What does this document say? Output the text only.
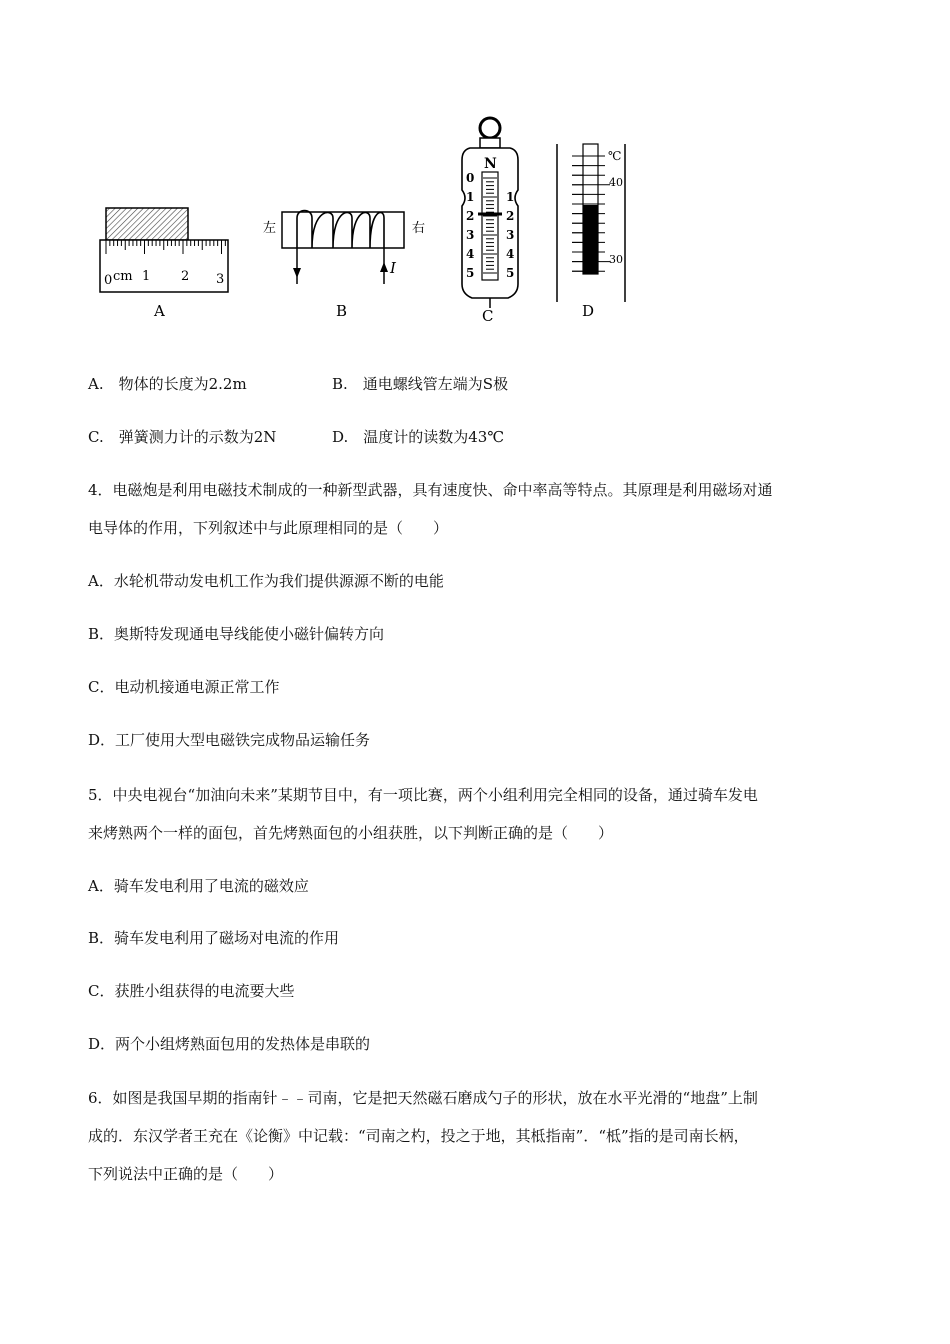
0 cm 1 2 3
A
左	右
I
B
N
0
1
2
3
4
5
1
2
3
4
5
C
℃
40
30
D
A.　物体的长度为2.2m	B.　通电螺线管左端为S极
C.　弹簧测力计的示数为2N	D.　温度计的读数为43℃
4．电磁炮是利用电磁技术制成的一种新型武器，具有速度快、命中率高等特点。其原理是利用磁场对通
电导体的作用，下列叙述中与此原理相同的是（　　）
A．水轮机带动发电机工作为我们提供源源不断的电能
B．奥斯特发现通电导线能使小磁针偏转方向
C．电动机接通电源正常工作
D．工厂使用大型电磁铁完成物品运输任务
5．中央电视台“加油向未来”某期节目中，有一项比赛，两个小组利用完全相同的设备，通过骑车发电
来烤熟两个一样的面包，首先烤熟面包的小组获胜，以下判断正确的是（　　）
A．骑车发电利用了电流的磁效应
B．骑车发电利用了磁场对电流的作用
C．获胜小组获得的电流要大些
D．两个小组烤熟面包用的发热体是串联的
6．如图是我国早期的指南针﹣﹣司南，它是把天然磁石磨成勺子的形状，放在水平光滑的“地盘”上制
成的．东汉学者王充在《论衡》中记载：“司南之杓，投之于地，其柢指南”．“柢”指的是司南长柄，
下列说法中正确的是（　　）
